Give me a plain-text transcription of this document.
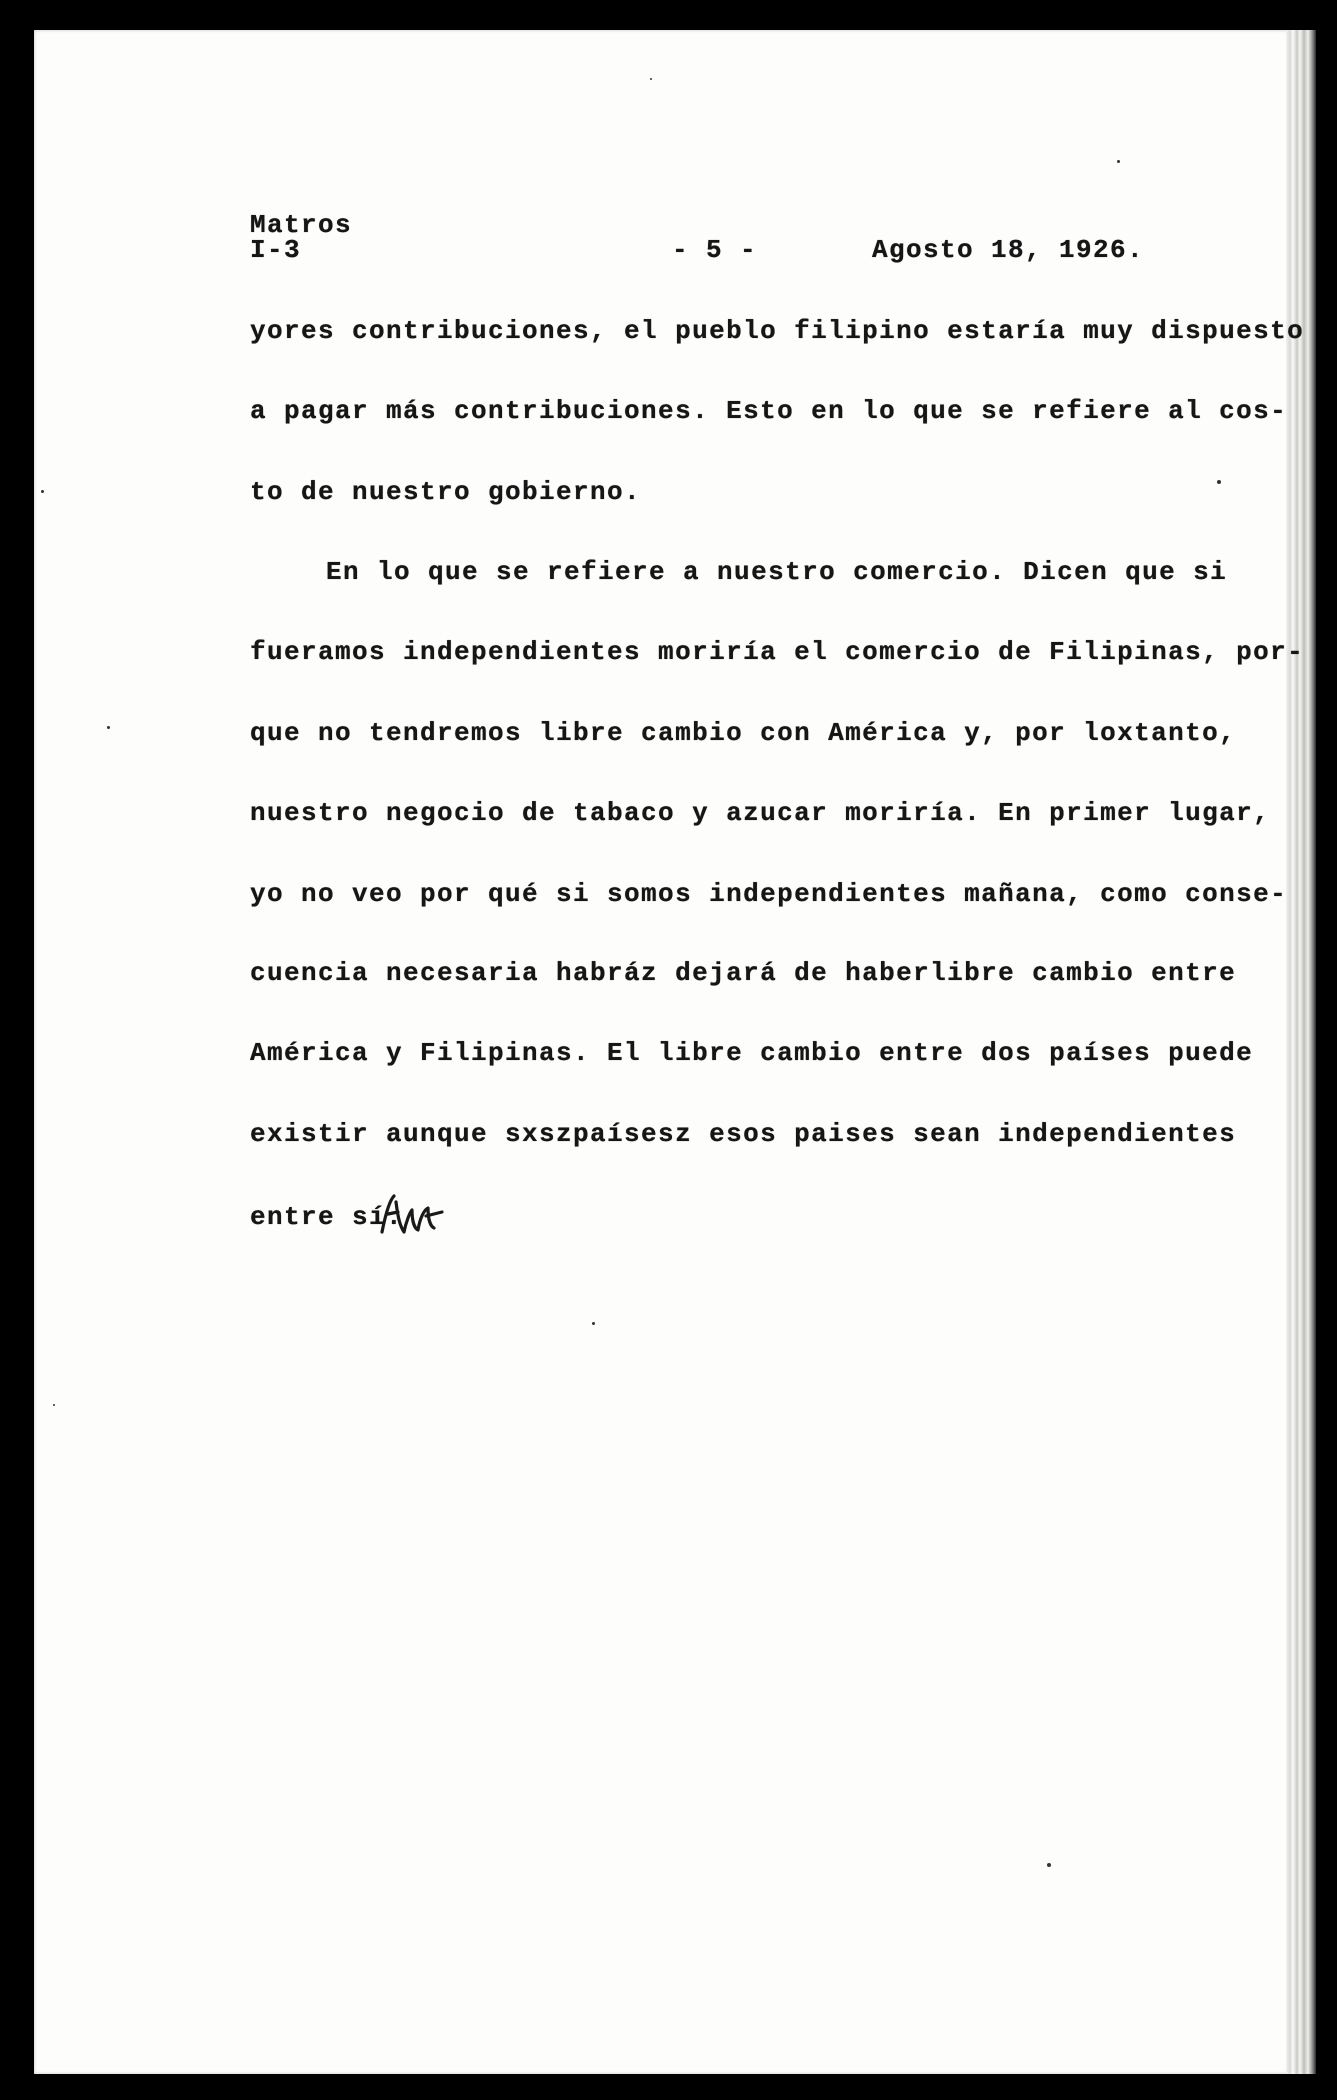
Matros
I-3	- 5 -	Agosto 18, 1926.
yores contribuciones, el pueblo filipino estaría muy dispuesto
a pagar más contribuciones. Esto en lo que se refiere al cos-
to de nuestro gobierno.
En lo que se refiere a nuestro comercio. Dicen que si
fueramos independientes moriría el comercio de Filipinas, por-
que no tendremos libre cambio con América y, por loxtanto,
nuestro negocio de tabaco y azucar moriría. En primer lugar,
yo no veo por qué si somos independientes mañana, como conse-
cuencia necesaria habráz dejará de haberlibre cambio entre
América y Filipinas. El libre cambio entre dos países puede
existir aunque sxszpaísesz esos paises sean independientes
entre sí.
